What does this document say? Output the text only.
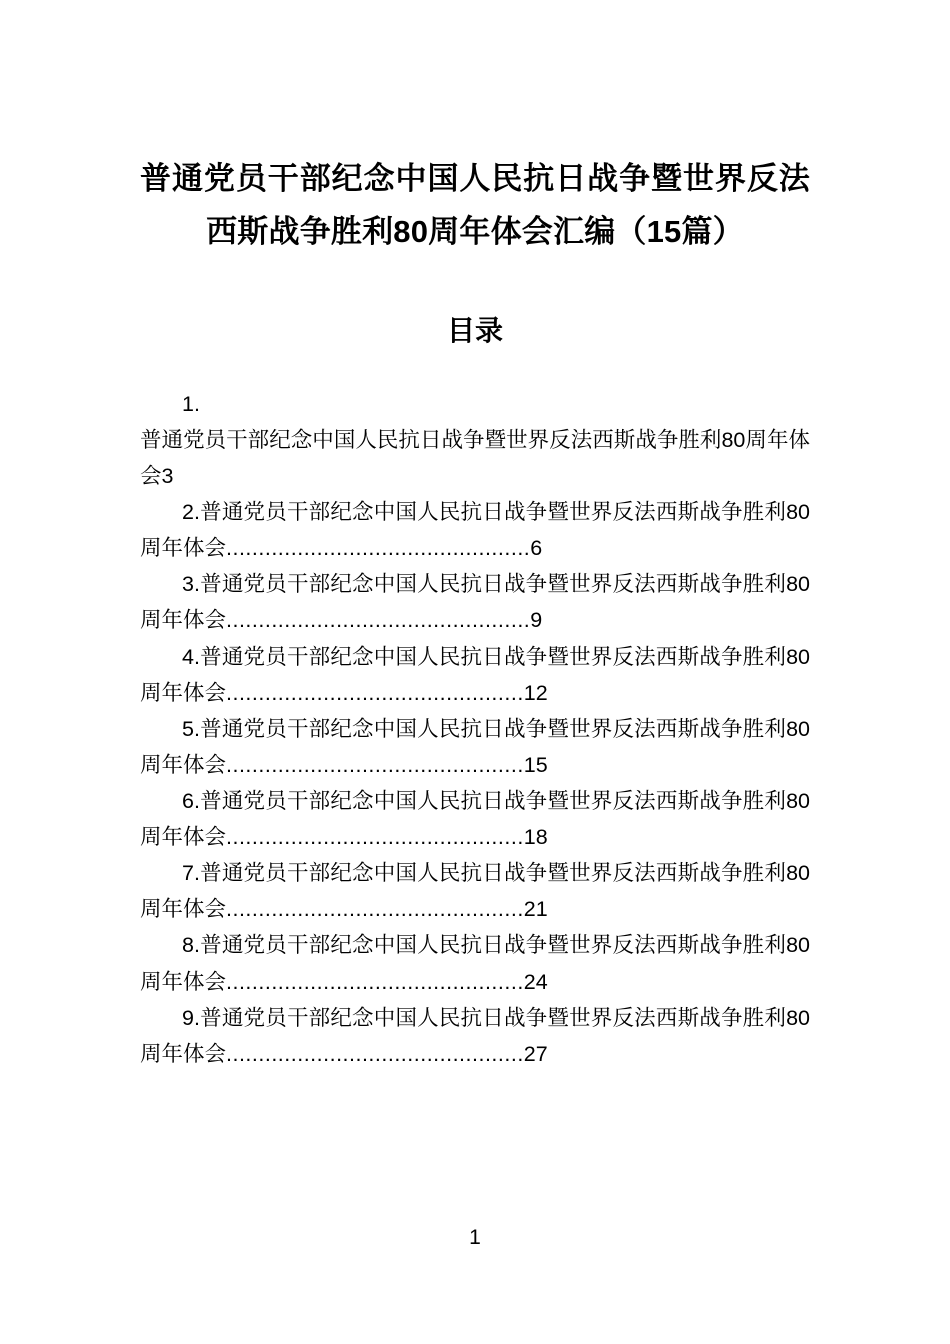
普通党员干部纪念中国人民抗日战争暨世界反法西斯战争胜利80周年体会汇编（15篇）
目录

1.
普通党员干部纪念中国人民抗日战争暨世界反法西斯战争胜利80周年体会3

2.普通党员干部纪念中国人民抗日战争暨世界反法西斯战争胜利80周年体会...............................................6

3.普通党员干部纪念中国人民抗日战争暨世界反法西斯战争胜利80周年体会...............................................9

4.普通党员干部纪念中国人民抗日战争暨世界反法西斯战争胜利80周年体会..............................................12

5.普通党员干部纪念中国人民抗日战争暨世界反法西斯战争胜利80周年体会..............................................15

6.普通党员干部纪念中国人民抗日战争暨世界反法西斯战争胜利80周年体会..............................................18

7.普通党员干部纪念中国人民抗日战争暨世界反法西斯战争胜利80周年体会..............................................21

8.普通党员干部纪念中国人民抗日战争暨世界反法西斯战争胜利80周年体会..............................................24

9.普通党员干部纪念中国人民抗日战争暨世界反法西斯战争胜利80周年体会..............................................27

1
